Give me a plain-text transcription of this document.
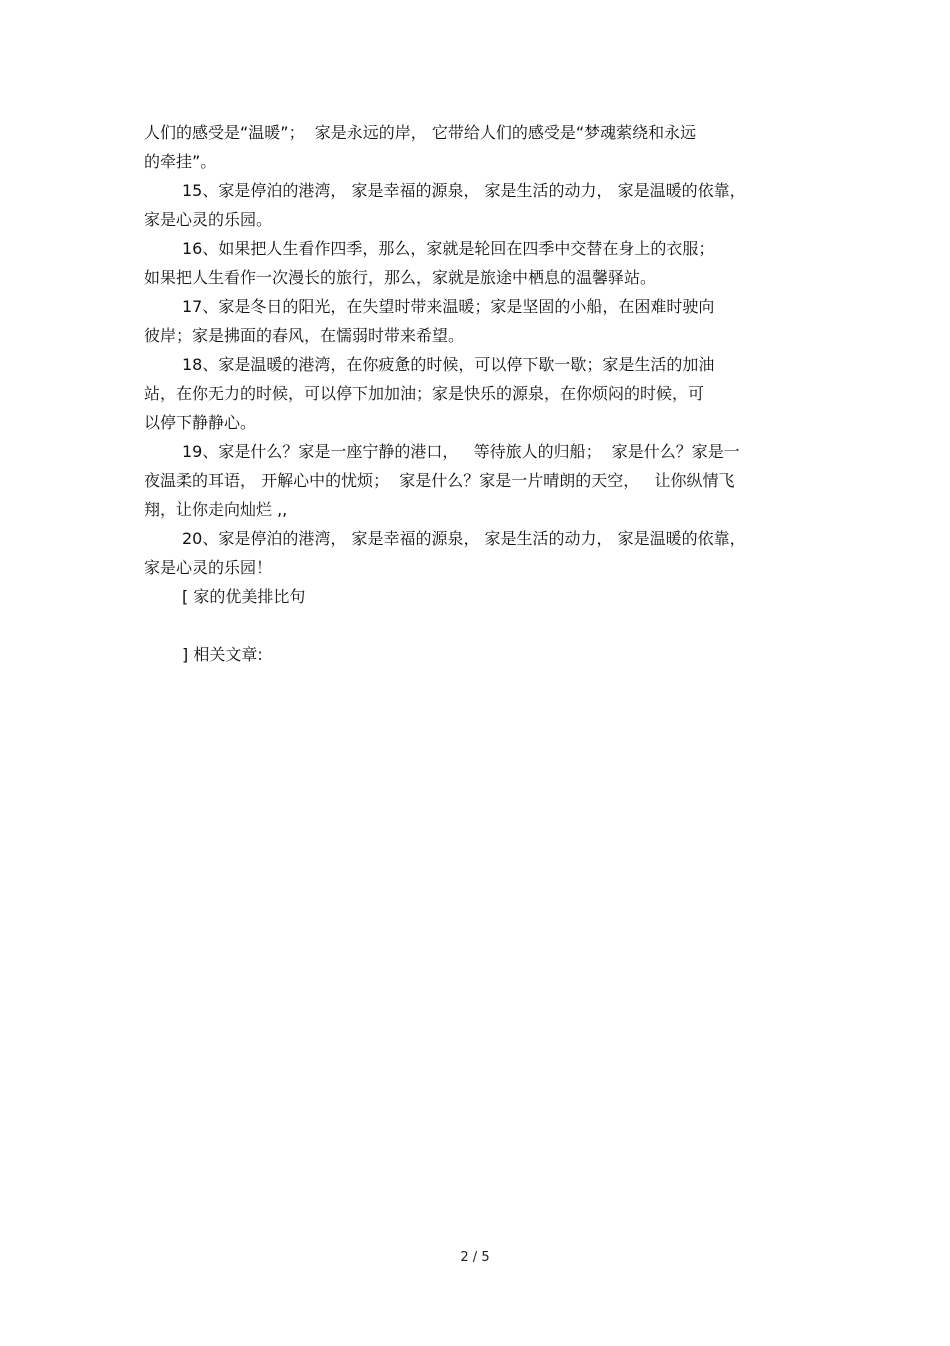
人们的感受是“温暖”；  家是永远的岸， 它带给人们的感受是“梦魂萦绕和永远
的牵挂”。
15、家是停泊的港湾， 家是幸福的源泉， 家是生活的动力， 家是温暖的依靠，
家是心灵的乐园。
16、如果把人生看作四季，那么，家就是轮回在四季中交替在身上的衣服；
如果把人生看作一次漫长的旅行，那么，家就是旅途中栖息的温馨驿站。
17、家是冬日的阳光，在失望时带来温暖；家是坚固的小船，在困难时驶向
彼岸；家是拂面的春风，在懦弱时带来希望。
18、家是温暖的港湾，在你疲惫的时候，可以停下歇一歇；家是生活的加油
站，在你无力的时候，可以停下加加油；家是快乐的源泉，在你烦闷的时候，可
以停下静静心。
19、家是什么？家是一座宁静的港口，   等待旅人的归船；  家是什么？家是一
夜温柔的耳语， 开解心中的忧烦；  家是什么？家是一片晴朗的天空，   让你纵情飞
翔，让你走向灿烂 ,,
20、家是停泊的港湾， 家是幸福的源泉， 家是生活的动力， 家是温暖的依靠，
家是心灵的乐园！
[ 家的优美排比句
] 相关文章:
2 / 5
